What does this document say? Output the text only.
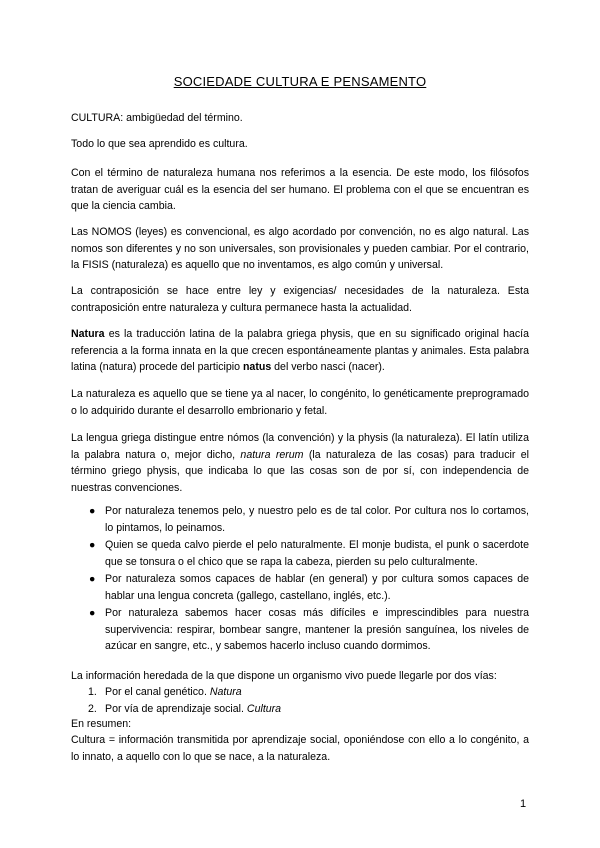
SOCIEDADE CULTURA E PENSAMENTO
CULTURA: ambigüedad del término.
Todo lo que sea aprendido es cultura.
Con el término de naturaleza humana nos referimos a la esencia. De este modo, los filósofos tratan de averiguar cuál es la esencia del ser humano. El problema con el que se encuentran es que la ciencia cambia.
Las NOMOS (leyes) es convencional, es algo acordado por convención, no es algo natural. Las nomos son diferentes y no son universales, son provisionales y pueden cambiar. Por el contrario, la FISIS (naturaleza) es aquello que no inventamos, es algo común y universal.
La contraposición se hace entre ley y exigencias/ necesidades de la naturaleza. Esta contraposición entre naturaleza y cultura permanece hasta la actualidad.
Natura es la traducción latina de la palabra griega physis, que en su significado original hacía referencia a la forma innata en la que crecen espontáneamente plantas y animales. Esta palabra latina (natura) procede del participio natus del verbo nasci (nacer).
La naturaleza es aquello que se tiene ya al nacer, lo congénito, lo genéticamente preprogramado o lo adquirido durante el desarrollo embrionario y fetal.
La lengua griega distingue entre nómos (la convención) y la physis (la naturaleza). El latín utiliza la palabra natura o, mejor dicho, natura rerum (la naturaleza de las cosas) para traducir el término griego physis, que indicaba lo que las cosas son de por sí, con independencia de nuestras convenciones.
● Por naturaleza tenemos pelo, y nuestro pelo es de tal color. Por cultura nos lo cortamos, lo pintamos, lo peinamos.
● Quien se queda calvo pierde el pelo naturalmente. El monje budista, el punk o sacerdote que se tonsura o el chico que se rapa la cabeza, pierden su pelo culturalmente.
● Por naturaleza somos capaces de hablar (en general) y por cultura somos capaces de hablar una lengua concreta (gallego, castellano, inglés, etc.).
● Por naturaleza sabemos hacer cosas más difíciles e imprescindibles para nuestra supervivencia: respirar, bombear sangre, mantener la presión sanguínea, los niveles de azúcar en sangre, etc., y sabemos hacerlo incluso cuando dormimos.
La información heredada de la que dispone un organismo vivo puede llegarle por dos vías:
1. Por el canal genético. Natura
2. Por vía de aprendizaje social. Cultura
En resumen:
Cultura = información transmitida por aprendizaje social, oponiéndose con ello a lo congénito, a lo innato, a aquello con lo que se nace, a la naturaleza.
1
